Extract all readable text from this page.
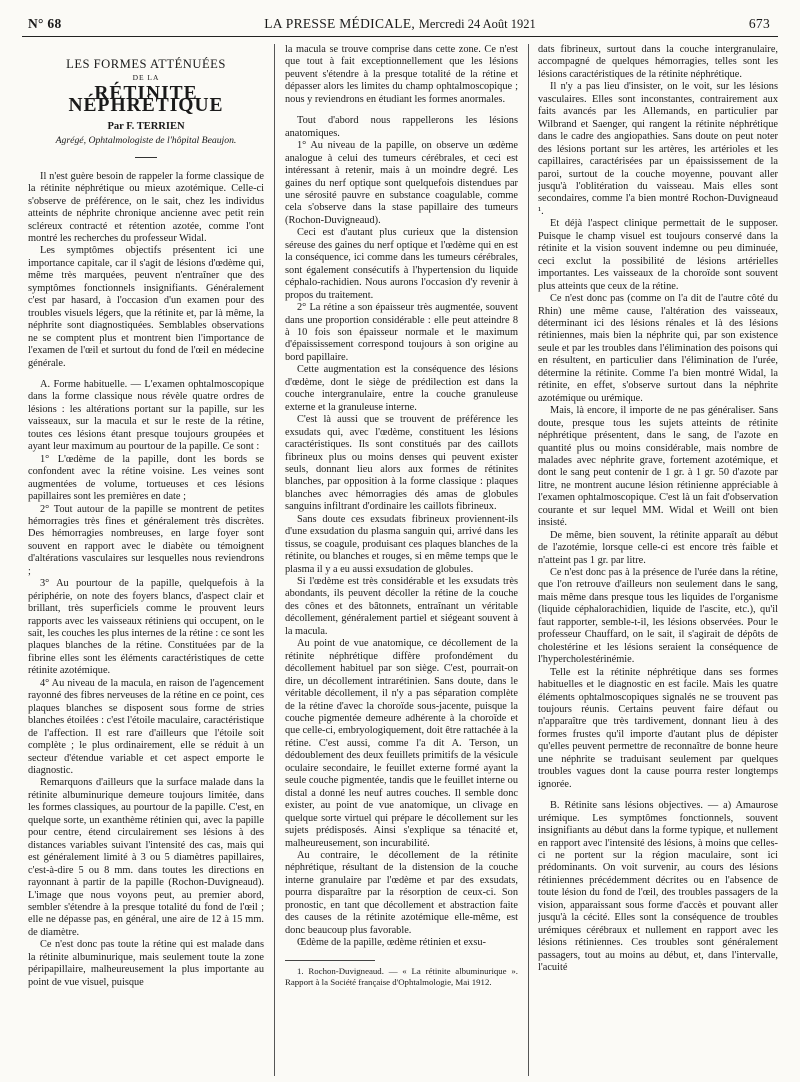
N° 68	LA PRESSE MÉDICALE, Mercredi 24 Août 1921	673
LES FORMES ATTÉNUÉES
DE LA
RÉTINITE NÉPHRÉTIQUE
Par F. TERRIEN
Agrégé, Ophtalmologiste de l'hôpital Beaujon.

Il n'est guère besoin de rappeler la forme classique de la rétinite néphrétique ou mieux azotémique. Celle-ci s'observe de préférence, on le sait, chez les individus atteints de néphrite chronique ancienne avec petit rein scléreux contracté et rétention azotée, comme l'ont montré les recherches du professeur Widal.

Les symptômes objectifs présentent ici une importance capitale, car il s'agit de lésions d'œdème qui, même très marquées, peuvent n'entraîner que des symptômes fonctionnels insignifiants. Généralement c'est par hasard, à l'occasion d'un examen pour des troubles visuels légers, que la rétinite et, par là même, la néphrite sont diagnostiquées. Semblables observations ne se comptent plus et montrent bien l'importance de l'examen de l'œil et surtout du fond de l'œil en médecine générale.

A. Forme habituelle. — L'examen ophtalmoscopique dans la forme classique nous révèle quatre ordres de lésions : les altérations portant sur la papille, sur les vaisseaux, sur la macula et sur le reste de la rétine, toutes ces lésions étant presque toujours groupées et ayant leur maximum au pourtour de la papille. Ce sont :

1° L'œdème de la papille, dont les bords se confondent avec la rétine voisine. Les veines sont augmentées de volume, tortueuses et ces lésions papillaires sont les premières en date ;

2° Tout autour de la papille se montrent de petites hémorragies très fines et généralement très discrètes. Des hémorragies nombreuses, en large foyer sont souvent en rapport avec le diabète ou témoignent d'altérations vasculaires sur lesquelles nous reviendrons ;

3° Au pourtour de la papille, quelquefois à la périphérie, on note des foyers blancs, d'aspect clair et brillant, très superficiels comme le prouvent leurs rapports avec les vaisseaux rétiniens qui occupent, on le sait, les couches les plus internes de la rétine : ce sont les plaques blanches de la rétine. Constituées par de la fibrine elles sont les éléments caractéristiques de cette rétinite azotémique.

4° Au niveau de la macula, en raison de l'agencement rayonné des fibres nerveuses de la rétine en ce point, ces plaques blanches se disposent sous forme de stries blanches étoilées : c'est l'étoile maculaire, caractéristique de l'affection. Il est rare d'ailleurs que l'étoile soit complète ; le plus ordinairement, elle se réduit à un secteur d'étendue variable et cet aspect emporte le diagnostic.

Remarquons d'ailleurs que la surface malade dans la rétinite albuminurique demeure toujours limitée, dans les formes classiques, au pourtour de la papille. C'est, en quelque sorte, un exanthème rétinien qui, avec la papille pour centre, étend circulairement ses lésions à des distances variables suivant l'intensité des cas, mais qui est généralement limité à 3 ou 5 diamètres papillaires, c'est-à-dire 5 ou 8 mm. dans toutes les directions en rayonnant à partir de la papille (Rochon-Duvigneaud). L'image que nous voyons peut, au premier abord, sembler s'étendre à la presque totalité du fond de l'œil ; elle ne dépasse pas, en général, une aire de 12 à 15 mm. de diamètre.

Ce n'est donc pas toute la rétine qui est malade dans la rétinite albuminurique, mais seulement toute la zone péripapillaire, malheureusement la plus importante au point de vue visuel, puisque

la macula se trouve comprise dans cette zone. Ce n'est que tout à fait exceptionnellement que les lésions peuvent s'étendre à la presque totalité de la rétine et dépasser alors les limites du champ ophtalmoscopique ; nous y reviendrons en étudiant les formes anormales.

Tout d'abord nous rappellerons les lésions anatomiques.

1° Au niveau de la papille, on observe un œdème analogue à celui des tumeurs cérébrales, et ceci est intéressant à retenir, mais à un moindre degré. Les gaines du nerf optique sont quelquefois distendues par une sérosité pauvre en substance coagulable, comme cela s'observe dans la stase papillaire des tumeurs (Rochon-Duvigneaud).

Ceci est d'autant plus curieux que la distension séreuse des gaines du nerf optique et l'œdème qui en est la conséquence, ici comme dans les tumeurs cérébrales, sont également consécutifs à l'hypertension du liquide céphalo-rachidien. Nous aurons l'occasion d'y revenir à propos du traitement.

2° La rétine a son épaisseur très augmentée, souvent dans une proportion considérable : elle peut atteindre 8 à 10 fois son épaisseur normale et le maximum d'épaississement correspond toujours à son origine au bord papillaire.

Cette augmentation est la conséquence des lésions d'œdème, dont le siège de prédilection est dans la couche intergranulaire, entre la couche granuleuse externe et la granuleuse interne.

C'est là aussi que se trouvent de préférence les exsudats qui, avec l'œdème, constituent les lésions caractéristiques. Ils sont constitués par des caillots fibrineux plus ou moins denses qui peuvent exister seuls, donnant lieu alors aux formes de rétinites blanches, par opposition à la forme classique : plaques blanches avec hémorragies dés amas de globules sanguins infiltrant d'ordinaire les caillots fibrineux.

Sans doute ces exsudats fibrineux proviennent-ils d'une exsudation du plasma sanguin qui, arrivé dans les tissus, se coagule, produisant ces plaques blanches de la rétinite, ou blanches et rouges, si en même temps que le plasma il y a eu aussi exsudation de globules.

Si l'œdème est très considérable et les exsudats très abondants, ils peuvent décoller la rétine de la couche des cônes et des bâtonnets, entraînant un véritable décollement, généralement partiel et siégeant souvent à la macula.

Au point de vue anatomique, ce décollement de la rétinite néphrétique diffère profondément du décollement habituel par son siège. C'est, pourrait-on dire, un décollement intrarétinien. Sans doute, dans le véritable décollement, il n'y a pas séparation complète de la rétine d'avec la choroïde sous-jacente, puisque la couche pigmentée demeure adhérente à la choroïde et que celle-ci, embryologiquement, doit être rattachée à la rétine. C'est aussi, comme l'a dit A. Terson, un dédoublement des deux feuillets primitifs de la vésicule oculaire secondaire, le feuillet externe formé ayant la seule couche pigmentée, tandis que le feuillet interne ou distal a donné les neuf autres couches. Il semble donc exister, au point de vue anatomique, un clivage en quelque sorte virtuel qui prépare le décollement sur les sujets prédisposés. Ainsi s'explique sa ténacité et, malheureusement, son incurabilité.

Au contraire, le décollement de la rétinite néphrétique, résultant de la distension de la couche interne granulaire par l'œdème et par des exsudats, pourra disparaître par la résorption de ceux-ci. Son pronostic, en tant que décollement et abstraction faite des causes de la rétinite azotémique elle-même, est donc beaucoup plus favorable.

Œdème de la papille, œdème rétinien et exsu-

1. Rochon-Duvigneaud. — « La rétinite albuminurique ». Rapport à la Société française d'Ophtalmologie, Mai 1912.

dats fibrineux, surtout dans la couche intergranulaire, accompagné de quelques hémorragies, telles sont les lésions caractéristiques de la rétinite néphrétique.

Il n'y a pas lieu d'insister, on le voit, sur les lésions vasculaires. Elles sont inconstantes, contrairement aux faits avancés par les Allemands, en particulier par Wilbrand et Saenger, qui rangent la rétinite néphrétique dans le cadre des angiopathies. Sans doute on peut noter des lésions portant sur les artères, les artérioles et les capillaires, caractérisées par un épaississement de la paroi, surtout de la couche moyenne, pouvant aller jusqu'à l'oblitération du vaisseau. Mais elles sont secondaires, comme l'a bien montré Rochon-Duvigneaud ¹.

Et déjà l'aspect clinique permettait de le supposer. Puisque le champ visuel est toujours conservé dans la rétinite et la vision souvent indemne ou peu diminuée, ceci exclut la possibilité de lésions artérielles importantes. Les vaisseaux de la choroïde sont souvent plus atteints que ceux de la rétine.

Ce n'est donc pas (comme on l'a dit de l'autre côté du Rhin) une même cause, l'altération des vaisseaux, déterminant ici des lésions rénales et là des lésions rétiniennes, mais bien la néphrite qui, par son existence seule et par les troubles dans l'élimination des poisons qui en résultent, en particulier dans l'élimination de l'urée, détermine la rétinite. Comme l'a bien montré Widal, la rétinite, en effet, s'observe surtout dans la néphrite azotémique ou urémique.

Mais, là encore, il importe de ne pas généraliser. Sans doute, presque tous les sujets atteints de rétinite néphrétique présentent, dans le sang, de l'azote en quantité plus ou moins considérable, mais nombre de malades avec néphrite grave, fortement azotémique, et dont le sang peut contenir de 1 gr. à 1 gr. 50 d'azote par litre, ne montrent aucune lésion rétinienne appréciable à l'examen ophtalmoscopique. C'est là un fait d'observation courante et sur lequel MM. Widal et Weill ont bien insisté.

De même, bien souvent, la rétinite apparaît au début de l'azotémie, lorsque celle-ci est encore très faible et n'atteint pas 1 gr. par litre.

Ce n'est donc pas à la présence de l'urée dans la rétine, que l'on retrouve d'ailleurs non seulement dans le sang, mais même dans presque tous les liquides de l'organisme (liquide céphalorachidien, liquide de l'ascite, etc.), qu'il faut rapporter, semble-t-il, les lésions observées. Pour le professeur Chauffard, on le sait, il s'agirait de dépôts de cholestérine et les lésions seraient la conséquence de l'hypercholestérinémie.

Telle est la rétinite néphrétique dans ses formes habituelles et le diagnostic en est facile. Mais les quatre éléments ophtalmoscopiques signalés ne se trouvent pas toujours réunis. Certains peuvent faire défaut ou n'apparaître que très tardivement, donnant lieu à des formes frustes qu'il importe d'autant plus de dépister qu'elles peuvent permettre de reconnaître de bonne heure une néphrite se traduisant seulement par quelques troubles vagues dont la cause pourra rester longtemps ignorée.

B. Rétinite sans lésions objectives. — a) Amaurose urémique. Les symptômes fonctionnels, souvent insignifiants au début dans la forme typique, et nullement en rapport avec l'intensité des lésions, à moins que celles-ci ne portent sur la région maculaire, sont ici prédominants. On voit survenir, au cours des lésions rétiniennes précédemment décrites ou en l'absence de toute lésion du fond de l'œil, des troubles passagers de la vision, apparaissant sous forme d'accès et pouvant aller jusqu'à la cécité. Elles sont la conséquence de troubles urémiques cérébraux et nullement en rapport avec les lésions rétiniennes. Ces troubles sont généralement passagers, tout au moins au début, et, dans l'intervalle, l'acuité
